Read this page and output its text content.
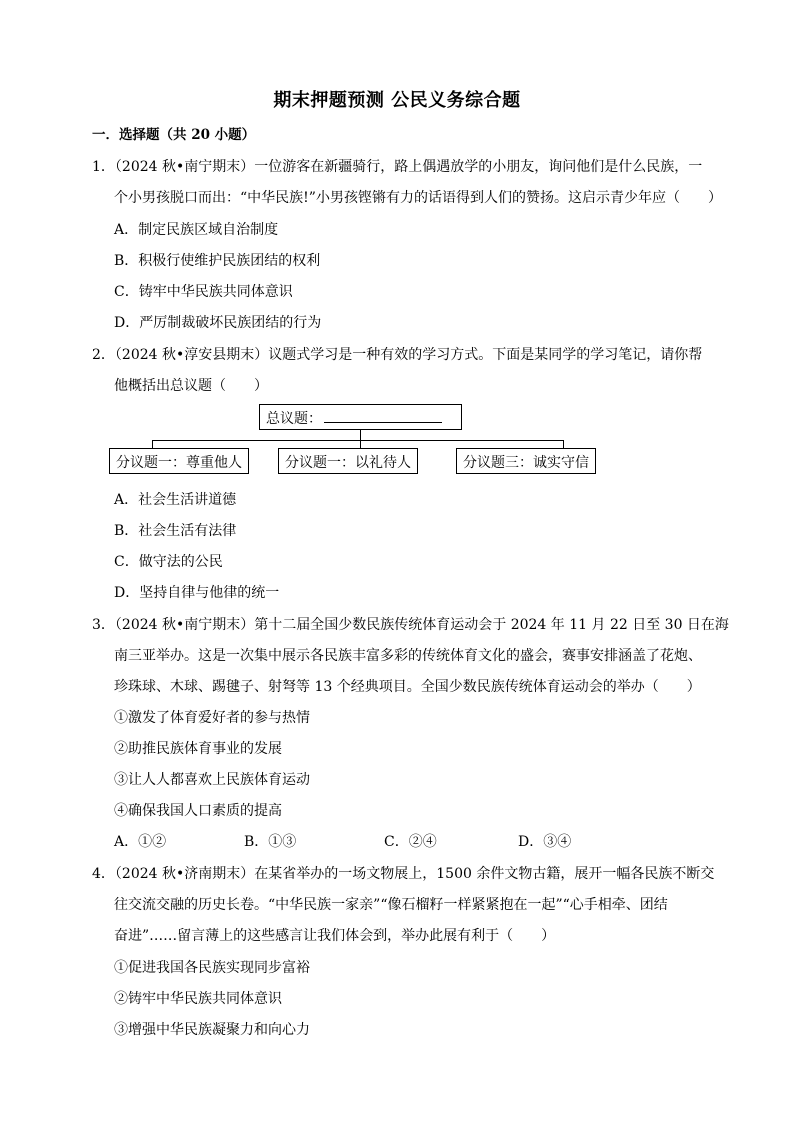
期末押题预测 公民义务综合题
一．选择题（共 20 小题）
1．（2024 秋•南宁期末）一位游客在新疆骑行，路上偶遇放学的小朋友，询问他们是什么民族，一
个小男孩脱口而出：“中华民族!”小男孩铿锵有力的话语得到人们的赞扬。这启示青少年应（　　）
A．制定民族区域自治制度
B．积极行使维护民族团结的权利
C．铸牢中华民族共同体意识
D．严厉制裁破坏民族团结的行为
2．（2024 秋•淳安县期末）议题式学习是一种有效的学习方式。下面是某同学的学习笔记，请你帮
他概括出总议题（　　）
总议题：
分议题一：尊重他人	分议题一：以礼待人	分议题三：诚实守信
A．社会生活讲道德
B．社会生活有法律
C．做守法的公民
D．坚持自律与他律的统一
3．（2024 秋•南宁期末）第十二届全国少数民族传统体育运动会于 2024 年 11 月 22 日至 30 日在海
南三亚举办。这是一次集中展示各民族丰富多彩的传统体育文化的盛会，赛事安排涵盖了花炮、
珍珠球、木球、踢毽子、射弩等 13 个经典项目。全国少数民族传统体育运动会的举办（　　）
①激发了体育爱好者的参与热情
②助推民族体育事业的发展
③让人人都喜欢上民族体育运动
④确保我国人口素质的提高
A．①②	B．①③	C．②④	D．③④
4．（2024 秋•济南期末）在某省举办的一场文物展上，1500 余件文物古籍，展开一幅各民族不断交
往交流交融的历史长卷。“中华民族一家亲”“像石榴籽一样紧紧抱在一起”“心手相牵、团结
奋进”……留言薄上的这些感言让我们体会到，举办此展有利于（　　）
①促进我国各民族实现同步富裕
②铸牢中华民族共同体意识
③增强中华民族凝聚力和向心力
